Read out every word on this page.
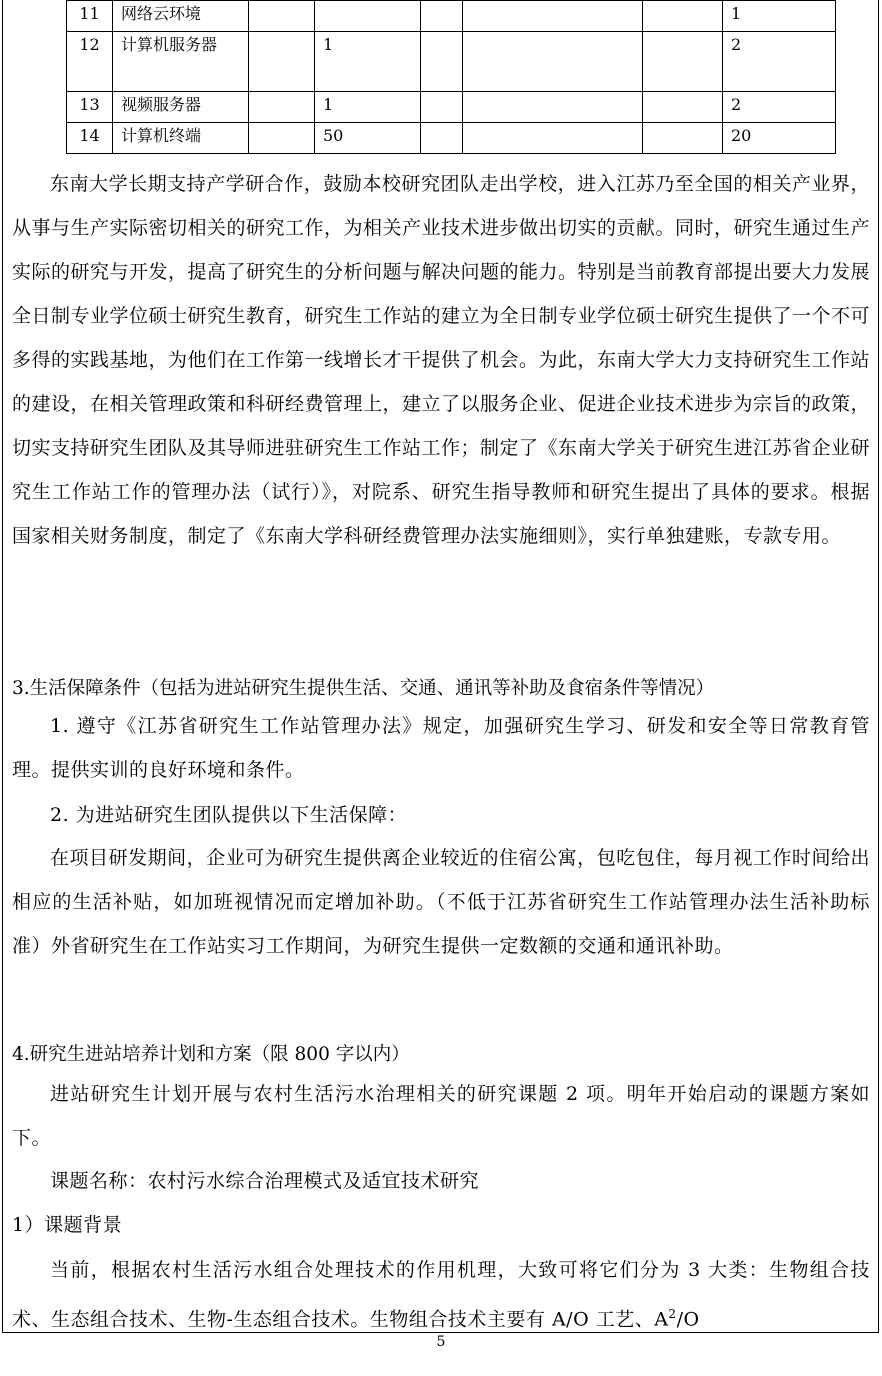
11	网络云环境						1
12	计算机服务器		1				2
13	视频服务器		1				2
14	计算机终端		50				20

东南大学长期支持产学研合作，鼓励本校研究团队走出学校，进入江苏乃至全国的相关产业界，从事与生产实际密切相关的研究工作，为相关产业技术进步做出切实的贡献。同时，研究生通过生产实际的研究与开发，提高了研究生的分析问题与解决问题的能力。特别是当前教育部提出要大力发展全日制专业学位硕士研究生教育，研究生工作站的建立为全日制专业学位硕士研究生提供了一个不可多得的实践基地，为他们在工作第一线增长才干提供了机会。为此，东南大学大力支持研究生工作站的建设，在相关管理政策和科研经费管理上，建立了以服务企业、促进企业技术进步为宗旨的政策，切实支持研究生团队及其导师进驻研究生工作站工作；制定了《东南大学关于研究生进江苏省企业研究生工作站工作的管理办法（试行）》，对院系、研究生指导教师和研究生提出了具体的要求。根据国家相关财务制度，制定了《东南大学科研经费管理办法实施细则》，实行单独建账，专款专用。

3.生活保障条件（包括为进站研究生提供生活、交通、通讯等补助及食宿条件等情况）

1. 遵守《江苏省研究生工作站管理办法》规定，加强研究生学习、研发和安全等日常教育管理。提供实训的良好环境和条件。

2. 为进站研究生团队提供以下生活保障：

在项目研发期间，企业可为研究生提供离企业较近的住宿公寓，包吃包住，每月视工作时间给出相应的生活补贴，如加班视情况而定增加补助。（不低于江苏省研究生工作站管理办法生活补助标准）外省研究生在工作站实习工作期间，为研究生提供一定数额的交通和通讯补助。

4.研究生进站培养计划和方案（限 800 字以内）

进站研究生计划开展与农村生活污水治理相关的研究课题 2 项。明年开始启动的课题方案如下。

课题名称：农村污水综合治理模式及适宜技术研究

1）课题背景

当前，根据农村生活污水组合处理技术的作用机理，大致可将它们分为 3 大类：生物组合技术、生态组合技术、生物-生态组合技术。生物组合技术主要有 A/O 工艺、$A^2/O$

5
